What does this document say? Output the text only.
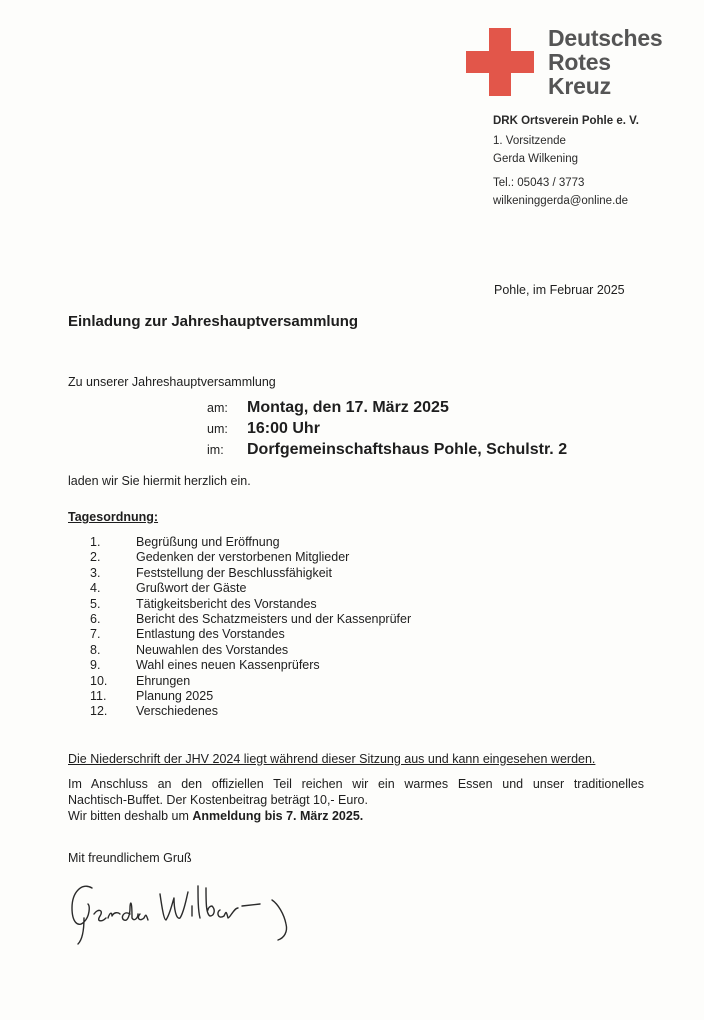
Deutsches
Rotes
Kreuz
DRK Ortsverein Pohle e. V.
1. Vorsitzende
Gerda Wilkening
Tel.: 05043 / 3773
wilkeninggerda@online.de
Pohle, im Februar 2025
Einladung zur Jahreshauptversammlung
Zu unserer Jahreshauptversammlung
am:	Montag, den 17. März 2025
um:	16:00 Uhr
im:	Dorfgemeinschaftshaus Pohle, Schulstr. 2
laden wir Sie hiermit herzlich ein.
Tagesordnung:
1.	Begrüßung und Eröffnung
2.	Gedenken der verstorbenen Mitglieder
3.	Feststellung der Beschlussfähigkeit
4.	Grußwort der Gäste
5.	Tätigkeitsbericht des Vorstandes
6.	Bericht des Schatzmeisters und der Kassenprüfer
7.	Entlastung des Vorstandes
8.	Neuwahlen des Vorstandes
9.	Wahl eines neuen Kassenprüfers
10.	Ehrungen
11.	Planung 2025
12.	Verschiedenes
Die Niederschrift der JHV 2024 liegt während dieser Sitzung aus und kann eingesehen werden.
Im Anschluss an den offiziellen Teil reichen wir ein warmes Essen und unser traditionelles
Nachtisch-Buffet. Der Kostenbeitrag beträgt 10,- Euro.
Wir bitten deshalb um Anmeldung bis 7. März 2025.
Mit freundlichem Gruß
